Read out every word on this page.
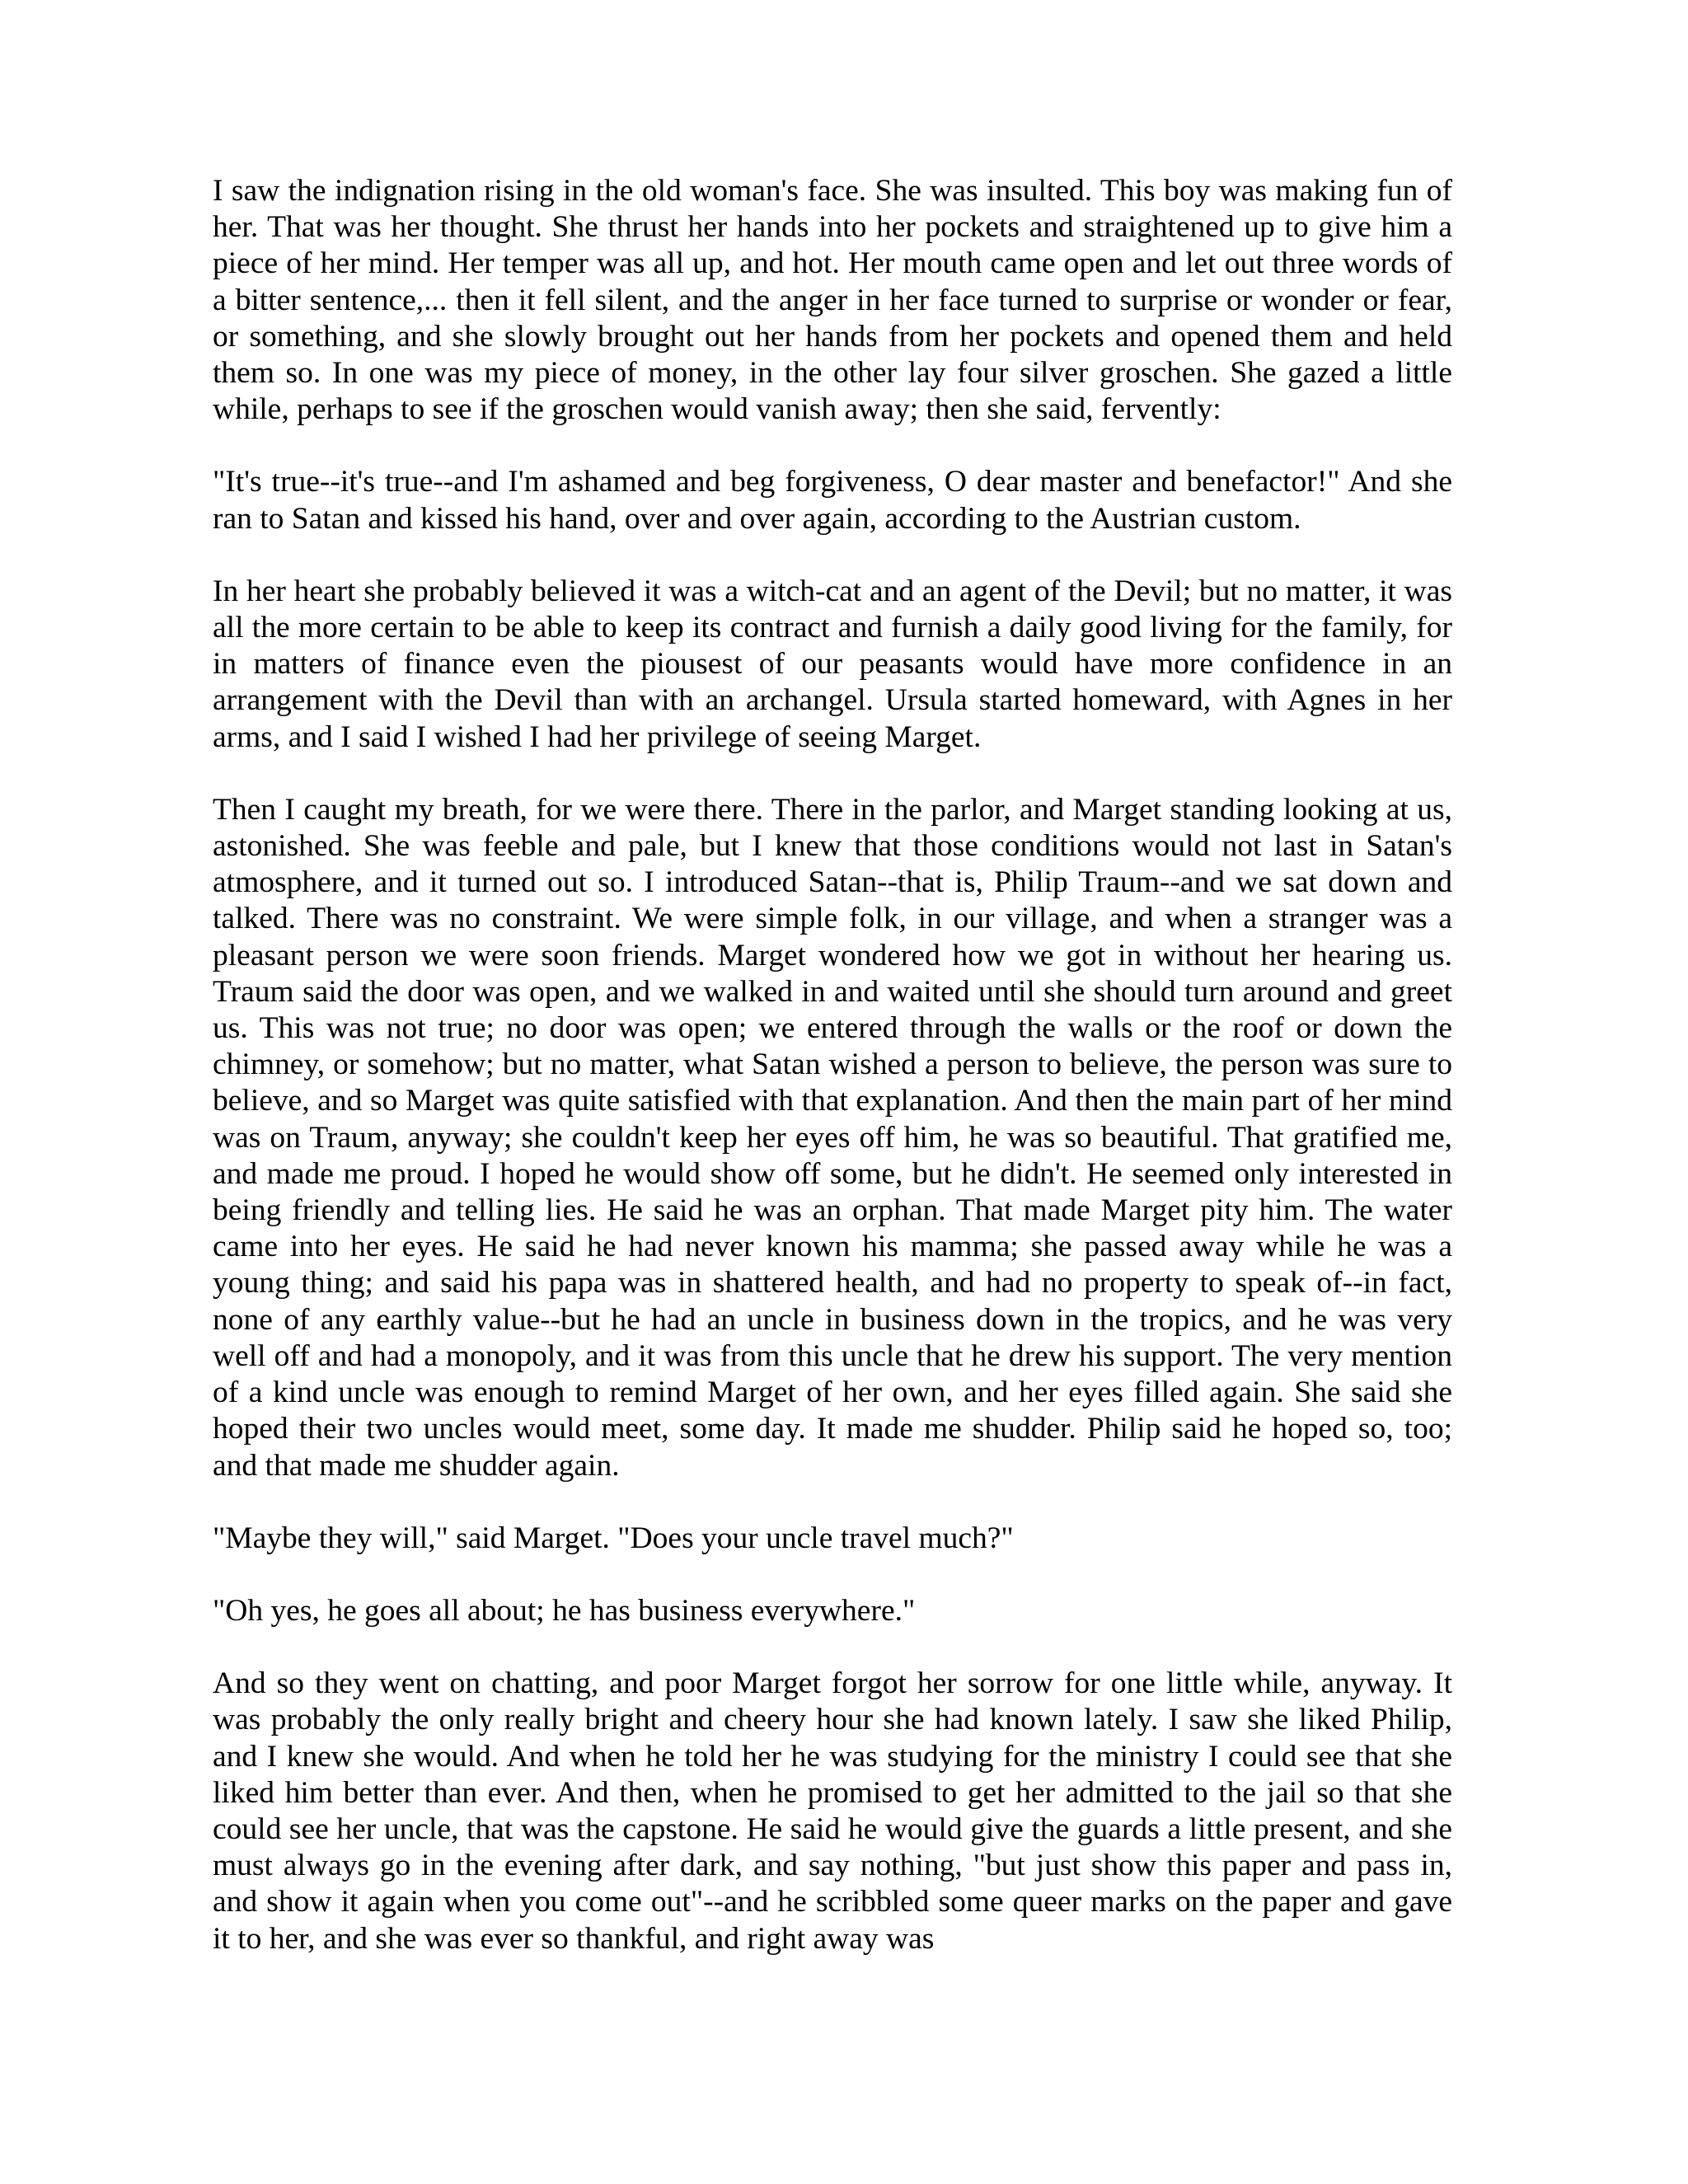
I saw the indignation rising in the old woman's face. She was insulted. This boy was making fun of her. That was her thought. She thrust her hands into her pockets and straightened up to give him a piece of her mind. Her temper was all up, and hot. Her mouth came open and let out three words of a bitter sentence,... then it fell silent, and the anger in her face turned to surprise or wonder or fear, or something, and she slowly brought out her hands from her pockets and opened them and held them so. In one was my piece of money, in the other lay four silver groschen. She gazed a little while, perhaps to see if the groschen would vanish away; then she said, fervently:

"It's true--it's true--and I'm ashamed and beg forgiveness, O dear master and benefactor!" And she ran to Satan and kissed his hand, over and over again, according to the Austrian custom.

In her heart she probably believed it was a witch-cat and an agent of the Devil; but no matter, it was all the more certain to be able to keep its contract and furnish a daily good living for the family, for in matters of finance even the piousest of our peasants would have more confidence in an arrangement with the Devil than with an archangel. Ursula started homeward, with Agnes in her arms, and I said I wished I had her privilege of seeing Marget.

Then I caught my breath, for we were there. There in the parlor, and Marget standing looking at us, astonished. She was feeble and pale, but I knew that those conditions would not last in Satan's atmosphere, and it turned out so. I introduced Satan--that is, Philip Traum--and we sat down and talked. There was no constraint. We were simple folk, in our village, and when a stranger was a pleasant person we were soon friends. Marget wondered how we got in without her hearing us. Traum said the door was open, and we walked in and waited until she should turn around and greet us. This was not true; no door was open; we entered through the walls or the roof or down the chimney, or somehow; but no matter, what Satan wished a person to believe, the person was sure to believe, and so Marget was quite satisfied with that explanation. And then the main part of her mind was on Traum, anyway; she couldn't keep her eyes off him, he was so beautiful. That gratified me, and made me proud. I hoped he would show off some, but he didn't. He seemed only interested in being friendly and telling lies. He said he was an orphan. That made Marget pity him. The water came into her eyes. He said he had never known his mamma; she passed away while he was a young thing; and said his papa was in shattered health, and had no property to speak of--in fact, none of any earthly value--but he had an uncle in business down in the tropics, and he was very well off and had a monopoly, and it was from this uncle that he drew his support. The very mention of a kind uncle was enough to remind Marget of her own, and her eyes filled again. She said she hoped their two uncles would meet, some day. It made me shudder. Philip said he hoped so, too; and that made me shudder again.

"Maybe they will," said Marget. "Does your uncle travel much?"

"Oh yes, he goes all about; he has business everywhere."

And so they went on chatting, and poor Marget forgot her sorrow for one little while, anyway. It was probably the only really bright and cheery hour she had known lately. I saw she liked Philip, and I knew she would. And when he told her he was studying for the ministry I could see that she liked him better than ever. And then, when he promised to get her admitted to the jail so that she could see her uncle, that was the capstone. He said he would give the guards a little present, and she must always go in the evening after dark, and say nothing, "but just show this paper and pass in, and show it again when you come out"--and he scribbled some queer marks on the paper and gave it to her, and she was ever so thankful, and right away was
